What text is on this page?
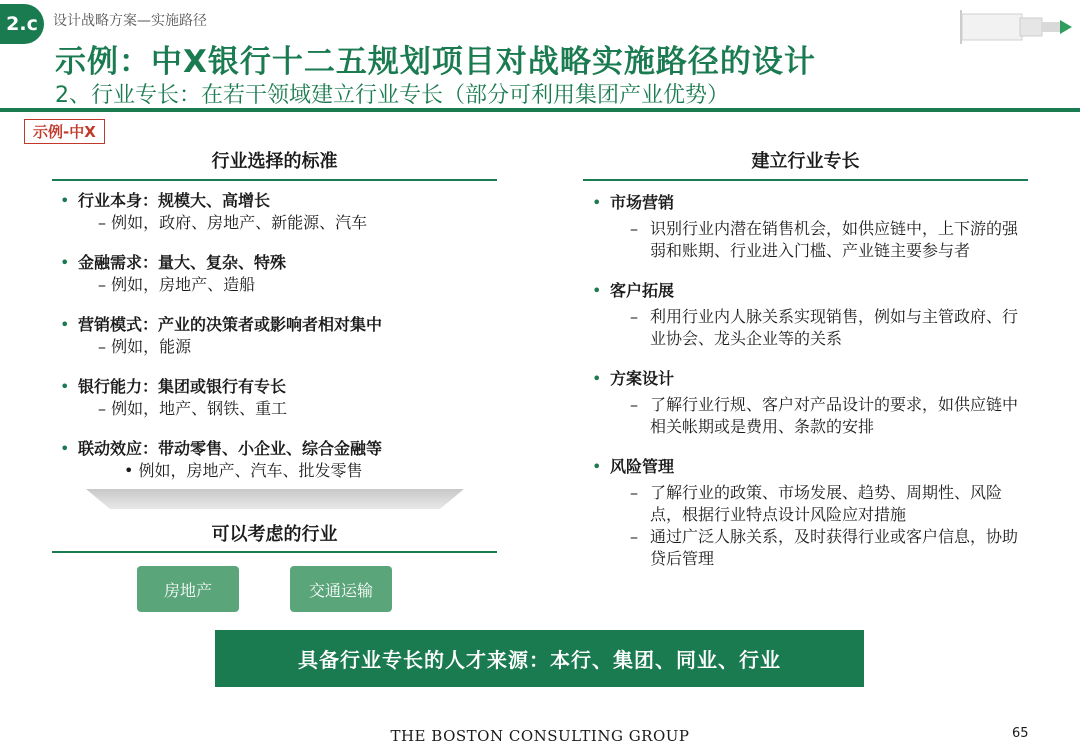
2.c	设计战略方案—实施路径
示例：中X银行十二五规划项目对战略实施路径的设计
2、行业专长：在若干领域建立行业专长（部分可利用集团产业优势）
示例-中X
行业选择的标准
• 行业本身：规模大、高增长
– 例如，政府、房地产、新能源、汽车
• 金融需求：量大、复杂、特殊
– 例如，房地产、造船
• 营销模式：产业的决策者或影响者相对集中
– 例如，能源
• 银行能力：集团或银行有专长
– 例如，地产、钢铁、重工
• 联动效应：带动零售、小企业、综合金融等
• 例如，房地产、汽车、批发零售
可以考虑的行业
房地产	交通运输
建立行业专长
• 市场营销
– 识别行业内潜在销售机会，如供应链中，上下游的强弱和账期、行业进入门槛、产业链主要参与者
• 客户拓展
– 利用行业内人脉关系实现销售，例如与主管政府、行业协会、龙头企业等的关系
• 方案设计
– 了解行业行规、客户对产品设计的要求，如供应链中相关帐期或是费用、条款的安排
• 风险管理
– 了解行业的政策、市场发展、趋势、周期性、风险点，根据行业特点设计风险应对措施
– 通过广泛人脉关系，及时获得行业或客户信息，协助贷后管理
具备行业专长的人才来源：本行、集团、同业、行业
THE BOSTON CONSULTING GROUP	65
